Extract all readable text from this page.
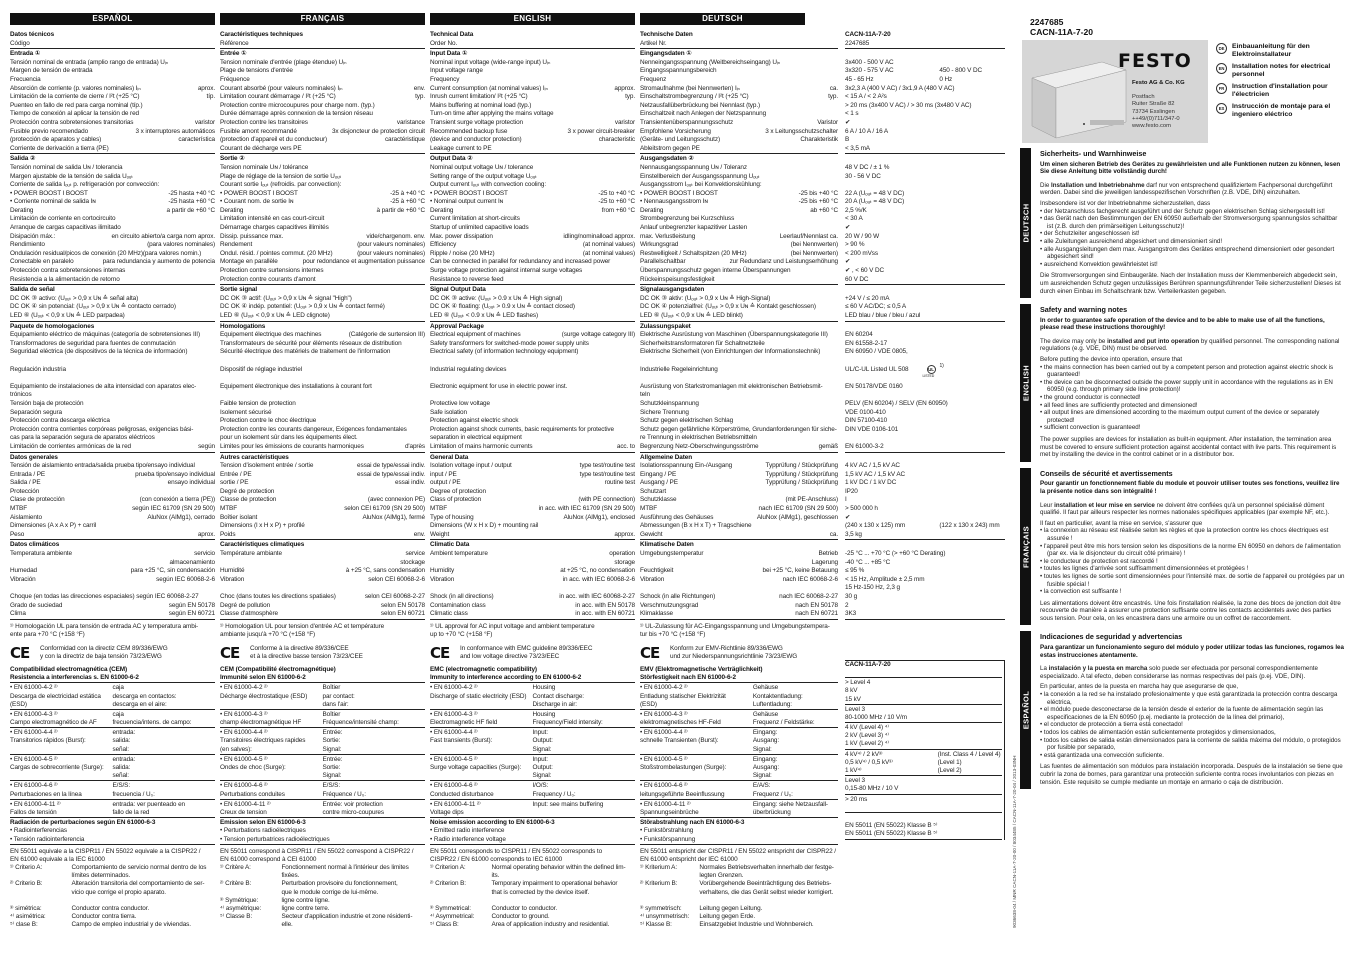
ESPAÑOL	FRANÇAIS	ENGLISH	DEUTSCH
Datos técnicos
Código
Entrada ①
Tensión nominal de entrada (amplio rango de entrada) Uᵢₙ
Margen de tensión de entrada
Frecuencia
Absorción de corriente (p. valores nominales) Iᵢₙ	aprox.
Limitación de la corriente de cierre / I²t (+25 °C)	típ.
Puenteo en fallo de red para carga nominal (típ.)
Tiempo de conexión al aplicar la tensión de red
Protección contra sobretensiones transitorias	varistor
Fusible previo recomendado	3 x interruptores automáticos
(protección de aparatos y cables)	característica
Corriente de derivación a tierra (PE)
Salida ②
Tensión nominal de salida Uɴ / tolerancia
Margen ajustable de la tensión de salida Uₒᵤₜ
Corriente de salida Iₒᵤₜ p. refrigeración por convección:
• POWER BOOST I BOOST	-25 hasta +40 °C
• Corriente nominal de salida Iɴ	-25 hasta +60 °C
Derating	a partir de +60 °C
Limitación de corriente en cortocircuito
Arranque de cargas capacitivas ilimitado
Disipación máx.:	en circuito abierto/a carga nom aprox.
Rendimiento	(para valores nominales)
Ondulación residual/picos de conexión (20 MHz)(para valores nomin.)
Conectable en paralelo	para redundancia y aumento de potencia
Protección contra sobretensiones internas
Resistencia a la alimentación de retorno
Salida de señal
DC OK ③ activo: (Uₒᵤₜ > 0,9 x Uɴ ≙ señal alta)
DC OK ④ sin potencial: (Uₒᵤₜ > 0,9 x Uɴ ≙ contacto cerrado)
LED ⑥ (Uₒᵤₜ < 0,9 x Uɴ ≙ LED parpadea)
Paquete de homologaciones
Equipamiento eléctrico de máquinas (categoría de sobretensiones III)
Transformadores de seguridad para fuentes de conmutación
Seguridad eléctrica (de dispositivos de la técnica de información)
Regulación industria
Equipamiento de instalaciones de alta intensidad con aparatos elec-
trónicos
Tensión baja de protección
Separación segura
Protección contra descarga eléctrica
Protección contra corrientes corpóreas peligrosas, exigencias bási-
cas para la separación segura de aparatos eléctricos
Limitación de corrientes armónicas de la red	según
Datos generales
Tensión de aislamiento entrada/salida prueba tipo/ensayo individual
Entrada / PE	prueba tipo/ensayo individual
Salida / PE	ensayo individual
Protección
Clase de protección	(con conexión a tierra (PE))
MTBF	según IEC 61709 (SN 29 500)
Aislamiento	AluNox (AlMg1), cerrado
Dimensiones (A x A x P) + carril
Peso	aprox.
Datos climáticos
Temperatura ambiente	servicio
almacenamiento
Humedad	para +25 °C, sin condensación
Vibración	según IEC 60068-2-6
Choque (en todas las direcciones espaciales) según IEC 60068-2-27
Grado de suciedad	según EN 50178
Clima	según EN 60721
¹⁾ Homologación UL para tensión de entrada AC y temperatura ambi-
ente para +70 °C (+158 °F)
CE	Conformidad con la directiz CEM 89/336/EWG
y con la directriz de baja tensión 73/23/EWG
Compatibilidad electromagnética (CEM)
Resistencia a interferencias s. EN 61000-6-2
• EN 61000-4-2 ²⁾	caja
Descarga de electricidad estática	descarga en contactos:
(ESD)	descarga en el aire:
• EN 61000-4-3 ²⁾	caja
Campo electromagnético de AF	frecuencia/intens. de campo:
• EN 61000-4-4 ²⁾	entrada:
Transitorios rápidos (Burst):	salida:
señal:
• EN 61000-4-5 ²⁾	entrada:
Cargas de sobrecorriente (Surge):	salida:
señal:
• EN 61000-4-6 ²⁾	E/S/S:
Perturbaciones en la línea	frecuencia / U₀:
• EN 61000-4-11 ²⁾	entrada: ver puenteado en
Fallos de tensión	fallo de la red
Radiación de perturbaciones según EN 61000-6-3
• Radiointerferencias
• Tensión radiointerferencia
EN 55011 equivale a la CISPR11 / EN 55022 equivale a la CISPR22 /
EN 61000 equivale a la IEC 61000
¹⁾ Criterio A:	Comportamiento de servicio normal dentro de los
límites determinados.
²⁾ Criterio B:	Alteración transitoria del comportamiento de ser-
vicio que corrige el propio aparato.
³⁾ simétrica:	Conductor contra conductor.
⁴⁾ asimétrica:	Conductor contra tierra.
⁵⁾ clase B:	Campo de empleo industrial y de viviendas.
Caractéristiques techniques
Référence
Entrée ①
Tension nominale d'entrée (plage étendue) Uᵢₙ
Plage de tensions d'entrée
Fréquence
Courant absorbé (pour valeurs nominales) Iᵢₙ	env.
Limitation courant démarrage / I²t (+25 °C)	typ.
Protection contre microcoupures pour charge nom. (typ.)
Durée démarrage après connexion de la tension réseau
Protection contre les transitoires	varistance
Fusible amont recommandé	3x disjoncteur de protection circuit
(protection d'appareil et du conducteur)	caractéristique
Courant de décharge vers PE
Sortie ②
Tension nominale Uɴ / tolérance
Plage de réglage de la tension de sortie Uₒᵤₜ
Courant sortie Iₒᵤₜ (refroidis. par convection):
• POWER BOOST I BOOST	-25 à +40 °C
• Courant nom. de sortie Iɴ	-25 à +60 °C
Derating	à partir de +60 °C
Limitation intensité en cas court-circuit
Démarrage charges capacitives illimités
Dissip. puissance max.	vide/chargenom. env.
Rendement	(pour valeurs nominales)
Ondul. résid. / pointes commut. (20 MHz)	(pour valeurs nominales)
Montage en parallèle	pour redondance et augmentation puissance
Protection contre surtensions internes
Protection contre courants d'amont
Sortie signal
DC OK ③ actif: (Uₒᵤₜ > 0,9 x Uɴ ≙ signal "High")
DC OK ④ indép. potentiel: (Uₒᵤₜ > 0,9 x Uɴ ≙ contact fermé)
LED ⑥ (Uₒᵤₜ < 0,9 x Uɴ ≙ LED clignote)
Homologations
Equipement électrique des machines	(Catégorie de surtension III)
Transformateurs de sécurité pour éléments réseaux de distribution
Sécurité électrique des matériels de traitement de l'information
Dispositif de réglage industriel
Equipement électronique des installations à courant fort
Faible tension de protection
Isolement sécurisé
Protection contre le choc électrique
Protection contre les courants dangereux, Exigences fondamentales
pour un isolement sûr dans les équipements élect.
Limites pour les émissions de courants harmoniques	d'après
Autres caractéristiques
Tension d'isolement entrée / sortie	essai de type/essai indiv.
Entrée / PE	essai de type/essai indiv.
sortie / PE	essai indiv.
Degré de protection
Classe de protection	(avec connexion PE)
MTBF	selon CEI 61709 (SN 29 500)
Boîtier isolant	AluNox (AlMg1), fermé
Dimensions (l x H x P) + profilé
Poids	env.
Caractéristiques climatiques
Température ambiante	service
stockage
Humidité	à +25 °C, sans condensation
Vibration	selon CEI 60068-2-6
Choc (dans toutes les directions spatiales)	selon CEI 60068-2-27
Degré de pollution	selon EN 50178
Classe d'atmosphère	selon EN 60721
¹⁾ Homologation UL pour tension d'entrée AC et température
ambiante jusqu'à +70 °C (+158 °F)
CE	Conforme à la directive 89/336/CEE
et à la directive basse tension 73/23/CEE
CEM (Compatibilité électromagnétique)
Immunité selon EN 61000-6-2
• EN 61000-4-2 ²⁾	Boîtier
Décharge électrostatique (ESD)	par contact:
dans l'air:
• EN 61000-4-3 ²⁾	Boîtier
champ électromagnétique HF	Fréquence/intensité champ:
• EN 61000-4-4 ²⁾	Entrée:
Transitoires électriques rapides	Sortie:
(en salves):	Signal:
• EN 61000-4-5 ²⁾	Entrée:
Ondes de choc (Surge):	Sortie:
Signal:
• EN 61000-4-6 ²⁾	E/S/S:
Perturbations conduites	Fréquence / U₀:
• EN 61000-4-11 ²⁾	Entrée: voir protection
Creux de tension	contre micro-coupures
Emission selon EN 61000-6-3
• Perturbations radioélectriques
• Tension perturbatrices radioélectriques
EN 55011 correspond à CISPR11 / EN 55022 correspond à CISPR22 /
EN 61000 correspond à CEI 61000
¹⁾ Critère A:	Fonctionnement normal à l'intérieur des limites
fixées.
²⁾ Critère B:	Perturbation provisoire du fonctionnement,
que le module corrige de lui-même.
³⁾ Symétrique:	ligne contre ligne.
⁴⁾ asymétrique:	ligne contre terre.
⁵⁾ Classe B:	Secteur d'application industrie et zone résidenti-
elle.
Technical Data
Order No.
Input Data ①
Nominal input voltage (wide-range input) Uᵢₙ
Input voltage range
Frequency
Current consumption (at nominal values) Iᵢₙ	approx.
Inrush current limitation/ I²t (+25 °C)	typ.
Mains buffering at nominal load (typ.)
Turn-on time after applying the mains voltage
Transient surge voltage protection	varistor
Recommended backup fuse	3 x power circuit-breaker
(device and conductor protection)	characteristic
Leakage current to PE
Output Data ②
Nominal output voltage Uɴ / tolerance
Setting range of the output voltage Uₒᵤₜ
Output current Iₒᵤₜ with convection cooling:
• POWER BOOST I BOOST	-25 to +40 °C
• Nominal output current Iɴ	-25 to +60 °C
Derating	from +60 °C
Current limitation at short-circuits
Startup of unlimited capacitive loads
Max. power dissipation	idling/nominalload approx.
Efficiency	(at nominal values)
Ripple / noise (20 MHz)	(at nominal values)
Can be connected in parallel for redundancy and increased power
Surge voltage protection against internal surge voltages
Resistance to reverse feed
Signal Output Data
DC OK ③ active: (Uₒᵤₜ > 0.9 x Uɴ ≙ High signal)
DC OK ④ floating: (Uₒᵤₜ > 0.9 x Uɴ ≙ contact closed)
LED ⑥ (Uₒᵤₜ < 0.9 x Uɴ ≙ LED flashes)
Approval Package
Electrical equipment of machines	(surge voltage category III)
Safety transformers for switched-mode power supply units
Electrical safety (of information technology equipment)
Industrial regulating devices
Electronic equipment for use in electric power inst.
Protective low voltage
Safe isolation
Protection against electric shock
Protection against shock currents, basic requirements for protective
separation in electrical equipment
Limitation of mains harmonic currents	acc. to
General Data
Isolation voltage input / output	type test/routine test
input / PE	type test/routine test
output / PE	routine test
Degree of protection
Class of protection	(with PE connection)
MTBF	in acc. with IEC 61709 (SN 29 500)
Type of housing	AluNox (AlMg1), enclosed
Dimensions (W x H x D) + mounting rail
Weight	approx.
Climatic Data
Ambient temperature	operation
storage
Humidity	at +25 °C, no condensation
Vibration	in acc. with IEC 60068-2-6
Shock (in all directions)	in acc. with IEC 60068-2-27
Contamination class	in acc. with EN 50178
Climatic class	in acc. with EN 60721
¹⁾ UL approval for AC input voltage and ambient temperature
up to +70 °C (+158 °F)
CE	In conformance with EMC guideline 89/336/EEC
and low voltage directive 73/23/EEC
EMC (electromagnetic compatibility)
Immunity to interference according to EN 61000-6-2
• EN 61000-4-2 ²⁾	Housing
Discharge of static electricity (ESD) Contact discharge:
Discharge in air:
• EN 61000-4-3 ²⁾	Housing
Electromagnetic HF field	Frequency/Field intensity:
• EN 61000-4-4 ²⁾	Input:
Fast transients (Burst):	Output:
Signal:
• EN 61000-4-5 ²⁾	Input:
Surge voltage capacities (Surge):	Output:
Signal:
• EN 61000-4-6 ²⁾	I/O/S:
Conducted disturbance	Frequency / U₀:
• EN 61000-4-11 ²⁾	Input: see mains buffering
Voltage dips
Noise emission according to EN 61000-6-3
• Emitted radio interference
• Radio interference voltage
EN 55011 corresponds to CISPR11 / EN 55022 corresponds to
CISPR22 / EN 61000 corresponds to IEC 61000
¹⁾ Criterion A:	Normal operating behavior within the defined lim-
its.
²⁾ Criterion B:	Temporary impairment to operational behavior
that is corrected by the device itself.
³⁾ Symmetrical:	Conductor to conductor.
⁴⁾ Asymmetrical:	Conductor to ground.
⁵⁾ Class B:	Area of application industry and residential.
Technische Daten
Artikel Nr.
Eingangsdaten ①
Nenneingangsspannung (Weitbereichseingang) Uᵢₙ
Eingangsspannungsbereich
Frequenz
Stromaufnahme (bei Nennwerten) Iᵢₙ	ca.
Einschaltstrombegrenzung / I²t (+25 °C)	typ.
Netzausfallüberbrückung bei Nennlast (typ.)
Einschaltzeit nach Anlegen der Netzspannung
Transientenüberspannungsschutz	Varistor
Empfohlene Vorsicherung	3 x Leitungsschutzschalter
(Geräte- und Leitungsschutz)	Charakteristik
Ableitstrom gegen PE
Ausgangsdaten ②
Nennausgangsspannung Uɴ / Toleranz
Einstellbereich der Ausgangsspannung Uₒᵤₜ
Ausgangsstrom Iₒᵤₜ bei Konvektionskühlung:
• POWER BOOST I BOOST	-25 bis +40 °C
• Nennausgangsstrom Iɴ	-25 bis +60 °C
Derating	ab +60 °C
Strombegrenzung bei Kurzschluss
Anlauf unbegrenzter kapazitiver Lasten
max. Verlustleistung	Leerlauf/Nennlast ca.
Wirkungsgrad	(bei Nennwerten)
Restwelligkeit / Schaltspitzen (20 MHz)	(bei Nennwerten)
Parallelschaltbar	zur Redundanz und Leistungserhöhung
Überspannungsschutz gegen interne Überspannungen
Rückeinspeisungsfestigkeit
Signalausgangsdaten
DC OK ③ aktiv: (Uₒᵤₜ > 0,9 x Uɴ ≙ High-Signal)
DC OK ④ potenzialfrei: (Uₒᵤₜ > 0,9 x Uɴ ≙ Kontakt geschlossen)
LED ⑥ (Uₒᵤₜ < 0,9 x Uɴ ≙ LED blinkt)
Zulassungspaket
Elektrische Ausrüstung von Maschinen (Überspannungskategorie III)
Sicherheitstransformatoren für Schaltnetzteile
Elektrische Sicherheit (von Einrichtungen der Informationstechnik)
Industrielle Regeleinrichtung
Ausrüstung von Starkstromanlagen mit elektronischen Betriebsmit-
teln
Schutzkleinspannung
Sichere Trennung
Schutz gegen elektrischen Schlag
Schutz gegen gefährliche Körperströme, Grundanforderungen für siche-
re Trennung in elektrischen Betriebsmitteln
Begrenzung Netz-Oberschwingungsströme	gemäß
Allgemeine Daten
Isolationsspannung Ein-/Ausgang	Typprüfung / Stückprüfung
Eingang / PE	Typprüfung / Stückprüfung
Ausgang / PE	Typprüfung / Stückprüfung
Schutzart
Schutzklasse	(mit PE-Anschluss)
MTBF	nach IEC 61709 (SN 29 500)
Ausführung des Gehäuses	AluNox (AlMg1), geschlossen
Abmessungen (B x H x T) + Tragschiene
Gewicht	ca.
Klimatische Daten
Umgebungstemperatur	Betrieb
Lagerung
Feuchtigkeit	bei +25 °C, keine Betauung
Vibration	nach IEC 60068-2-6
Schock (in alle Richtungen)	nach IEC 60068-2-27
Verschmutzungsgrad	nach EN 50178
Klimaklasse	nach EN 60721
¹⁾ UL-Zulassung für AC-Eingangsspannung und Umgebungstempera-
tur bis +70 °C (+158 °F)
CE	Konform zur EMV-Richtlinie 89/336/EWG
und zur Niederspannungsrichtlinie 73/23/EWG
EMV (Elektromagnetische Verträglichkeit)
Störfestigkeit nach EN 61000-6-2
• EN 61000-4-2 ²⁾	Gehäuse
Entladung statischer Elektrizität	Kontaktentladung:
(ESD)	Luftentladung:
• EN 61000-4-3 ²⁾	Gehäuse
elektromagnetisches HF-Feld	Frequenz / Feldstärke:
• EN 61000-4-4 ²⁾	Eingang:
schnelle Transienten (Burst):	Ausgang:
Signal:
• EN 61000-4-5 ²⁾	Eingang:
Stoßstrombelastungen (Surge):	Ausgang:
Signal:
• EN 61000-4-6 ²⁾	E/A/S:
leitungsgeführte Beeinflussung	Frequenz / U₀:
• EN 61000-4-11 ²⁾	Eingang: siehe Netzausfall-
Spannungseinbrüche	überbrückung
Störabstrahlung nach EN 61000-6-3
• Funkstörstrahlung
• Funkstörspannung
EN 55011 entspricht der CISPR11 / EN 55022 entspricht der CISPR22 /
EN 61000 entspricht der IEC 61000
¹⁾ Kriterium A:	Normales Betriebsverhalten innerhalb der festge-
legten Grenzen.
²⁾ Kriterium B:	Vorübergehende Beeinträchtigung des Betriebs-
verhaltens, die das Gerät selbst wieder korrigiert.
³⁾ symmetrisch:	Leitung gegen Leitung.
⁴⁾ unsymmetrisch:	Leitung gegen Erde.
⁵⁾ Klasse B:	Einsatzgebiet Industrie und Wohnbereich.
CACN-11A-7-20
2247685
3x400 - 500 V AC
3x320 - 575 V AC	450 - 800 V DC
45 - 65 Hz	0 Hz
3x2,3 A (400 V AC) / 3x1,9 A (480 V AC)
< 15 A / < 2 A²s
> 20 ms (3x400 V AC) / > 30 ms (3x480 V AC)
< 1 s
✔
6 A / 10 A / 16 A
B
< 3,5 mA
48 V DC / ± 1 %
30 - 56 V DC
22 A (Uₒᵤₜ = 48 V DC)
20 A (Uₒᵤₜ = 48 V DC)
2,5 %/K
< 30 A
✔
20 W / 90 W
> 90 %
< 200 mVss
✔
✔ , < 60 V DC
60 V DC
+24 V / ≤ 20 mA
≤ 60 V AC/DC; ≤ 0,5 A
LED blau / blue / bleu / azul
EN 60204
EN 61558-2-17
EN 60950 / VDE 0805,
UL/C-UL Listed UL 508	UL
LISTED
1)
EN 50178/VDE 0160
PELV (EN 60204) / SELV (EN 60950)
VDE 0100-410
DIN 57100-410
DIN VDE 0106-101
EN 61000-3-2
4 kV AC / 1,5 kV AC
1,5 kV AC / 1,5 kV AC
1 kV DC / 1 kV DC
IP20
I
> 500 000 h
✔
(240 x 130 x 125) mm	(122 x 130 x 243) mm
3,5 kg
-25 °C ... +70 °C (> +60 °C Derating)
-40 °C ... +85 °C
≤ 95 %
< 15 Hz, Amplitude ± 2,5 mm
15 Hz-150 Hz, 2,3 g
30 g
2
3K3
CACN-11A-7-20
> Level 4
8 kV
15 kV
Level 3
80-1000 MHz / 10 V/m
4 kV (Level 4) ⁴⁾
2 kV (Level 3) ⁴⁾
1 kV (Level 2) ⁴⁾
4 kV⁴⁾ / 2 kV³⁾	(Inst. Class 4 / Level 4)
0,5 kV⁴⁾ / 0,5 kV³⁾	(Level 1)
1 kV⁴⁾	(Level 2)
Level 3
0,15-80 MHz / 10 V
> 20 ms
EN 55011 (EN 55022) Klasse B ⁵⁾
EN 55011 (EN 55022) Klasse B ⁵⁾
2247685
CACN-11A-7-20
FESTO
Festo AG & Co. KG
Postfach
Ruiter Straße 82
73734 Esslingen
++49/(0)711/347-0
www.festo.com
DE	Einbauanleitung für den Elektroinstallateur
EN	Installation notes for electrical personnel
FR	Instruction d'installation pour l'électricien
ES	Instrucción de montaje para el ingeniero eléctrico
DEUTSCH
Sicherheits- und Warnhinweise
Um einen sicheren Betrieb des Gerätes zu gewährleisten und alle Funktionen nutzen zu können, lesen Sie diese Anleitung bitte vollständig durch!

Die Installation und Inbetriebnahme darf nur von entsprechend qualifiziertem Fachpersonal durchgeführt werden. Dabei sind die jeweiligen landesspezifischen Vorschriften (z.B. VDE, DIN) einzuhalten.

Insbesondere ist vor der Inbetriebnahme sicherzustellen, dass
• der Netzanschluss fachgerecht ausgeführt und der Schutz gegen elektrischen Schlag sichergestellt ist!
• das Gerät nach den Bestimmungen der EN 60950 außerhalb der Stromversorgung spannungslos schaltbar ist (z.B. durch den primärseitigen Leitungsschutz)!
• der Schutzleiter angeschlossen ist!
• alle Zuleitungen ausreichend abgesichert und dimensioniert sind!
• alle Ausgangsleitungen dem max. Ausgangstrom des Gerätes entsprechend dimensioniert oder gesondert abgesichert sind!
• ausreichend Konvektion gewährleistet ist!

Die Stromversorgungen sind Einbaugeräte. Nach der Installation muss der Klemmenbereich abgedeckt sein, um ausreichenden Schutz gegen unzulässiges Berühren spannungsführender Teile sicherzustellen! Dieses ist durch einen Einbau im Schaltschrank bzw. Verteilerkasten gegeben.

ENGLISH
Safety and warning notes
In order to guarantee safe operation of the device and to be able to make use of all the functions, please read these instructions thoroughly!

The device may only be installed and put into operation by qualified personnel. The corresponding national regulations (e.g. VDE, DIN) must be observed.

Before putting the device into operation, ensure that
• the mains connection has been carried out by a competent person and protection against electric shock is guaranteed!
• the device can be disconnected outside the power supply unit in accordance with the regulations as in EN 60950 (e.g. through primary side line protection)!
• the ground conductor is connected!
• all feed lines are sufficiently protected and dimensioned!
• all output lines are dimensioned according to the maximum output current of the device or separately protected!
• sufficient convection is guaranteed!

The power supplies are devices for installation as built-in equipment. After installation, the termination area must be covered to ensure sufficient protection against accidental contact with live parts. This requirement is met by installing the device in the control cabinet or in a distributor box.

FRANÇAIS
Conseils de sécurité et avertissements
Pour garantir un fonctionnement fiable du module et pouvoir utiliser toutes ses fonctions, veuillez lire la présente notice dans son intégralité !

Leur installation et leur mise en service ne doivent être confiées qu'à un personnel spécialisé dûment qualifié. Il faut par ailleurs respecter les normes nationales spécifiques applicables (par exemple NF, etc.).

Il faut en particulier, avant la mise en service, s'assurer que
• la connexion au réseau est réalisée selon les règles et que la protection contre les chocs électriques est assurée !
• l'appareil peut être mis hors tension selon les dispositions de la norme EN 60950 en dehors de l'alimentation (par ex. via le disjoncteur du circuit côté primaire) !
• le conducteur de protection est raccordé !
• toutes les lignes d'arrivée sont suffisamment dimensionnées et protégées !
• toutes les lignes de sortie sont dimensionnées pour l'intensité max. de sortie de l'appareil ou protégées par un fusible spécial !
• la convection est suffisante !

Les alimentations doivent être encastrés. Une fois l'installation réalisée, la zone des blocs de jonction doit être recouverte de manière à assurer une protection suffisante contre les contacts accidentels avec des parties sous tension. Pour cela, on les encastrera dans une armoire ou un coffret de raccordement.

ESPAÑOL
Indicaciones de seguridad y advertencias
Para garantizar un funcionamiento seguro del módulo y poder utilizar todas las funciones, rogamos lea estas instrucciones atentamente.

La instalación y la puesta en marcha solo puede ser efectuada por personal correspondientemente especializado. A tal efecto, deben considerarse las normas respectivas del país (p.ej. VDE, DIN).

En particular, antes de la puesta en marcha hay que asegurarse de que,
• la conexión a la red se ha instalado profesionalmente y que está garantizada la protección contra descarga eléctrica,
• el módulo puede desconectarse de la tensión desde el exterior de la fuente de alimentación según las especificaciones de la EN 60950 (p.ej. mediante la protección de la línea del primario),
• el conductor de protección a tierra está conectado!
• todos los cables de alimentación están suficientemente protegidos y dimensionados,
• todos los cables de salida están dimensionados para la corriente de salida máxima del módulo, o protegidos por fusible por separado,
• está garantizada una convección suficiente.

Las fuentes de alimentación son módulos para instalación incorporada. Después de la instalación se tiene que cubrir la zona de bornes, para garantizar una protección suficiente contra roces involuntarios con piezas en tensión. Este requisito se cumple mediante un montaje en armario o caja de distribución.

9036638-04 / MNR CACN-11A-7-20-00 / 8034485 / CACN-11A-7-20-04 / 2013-03NH
